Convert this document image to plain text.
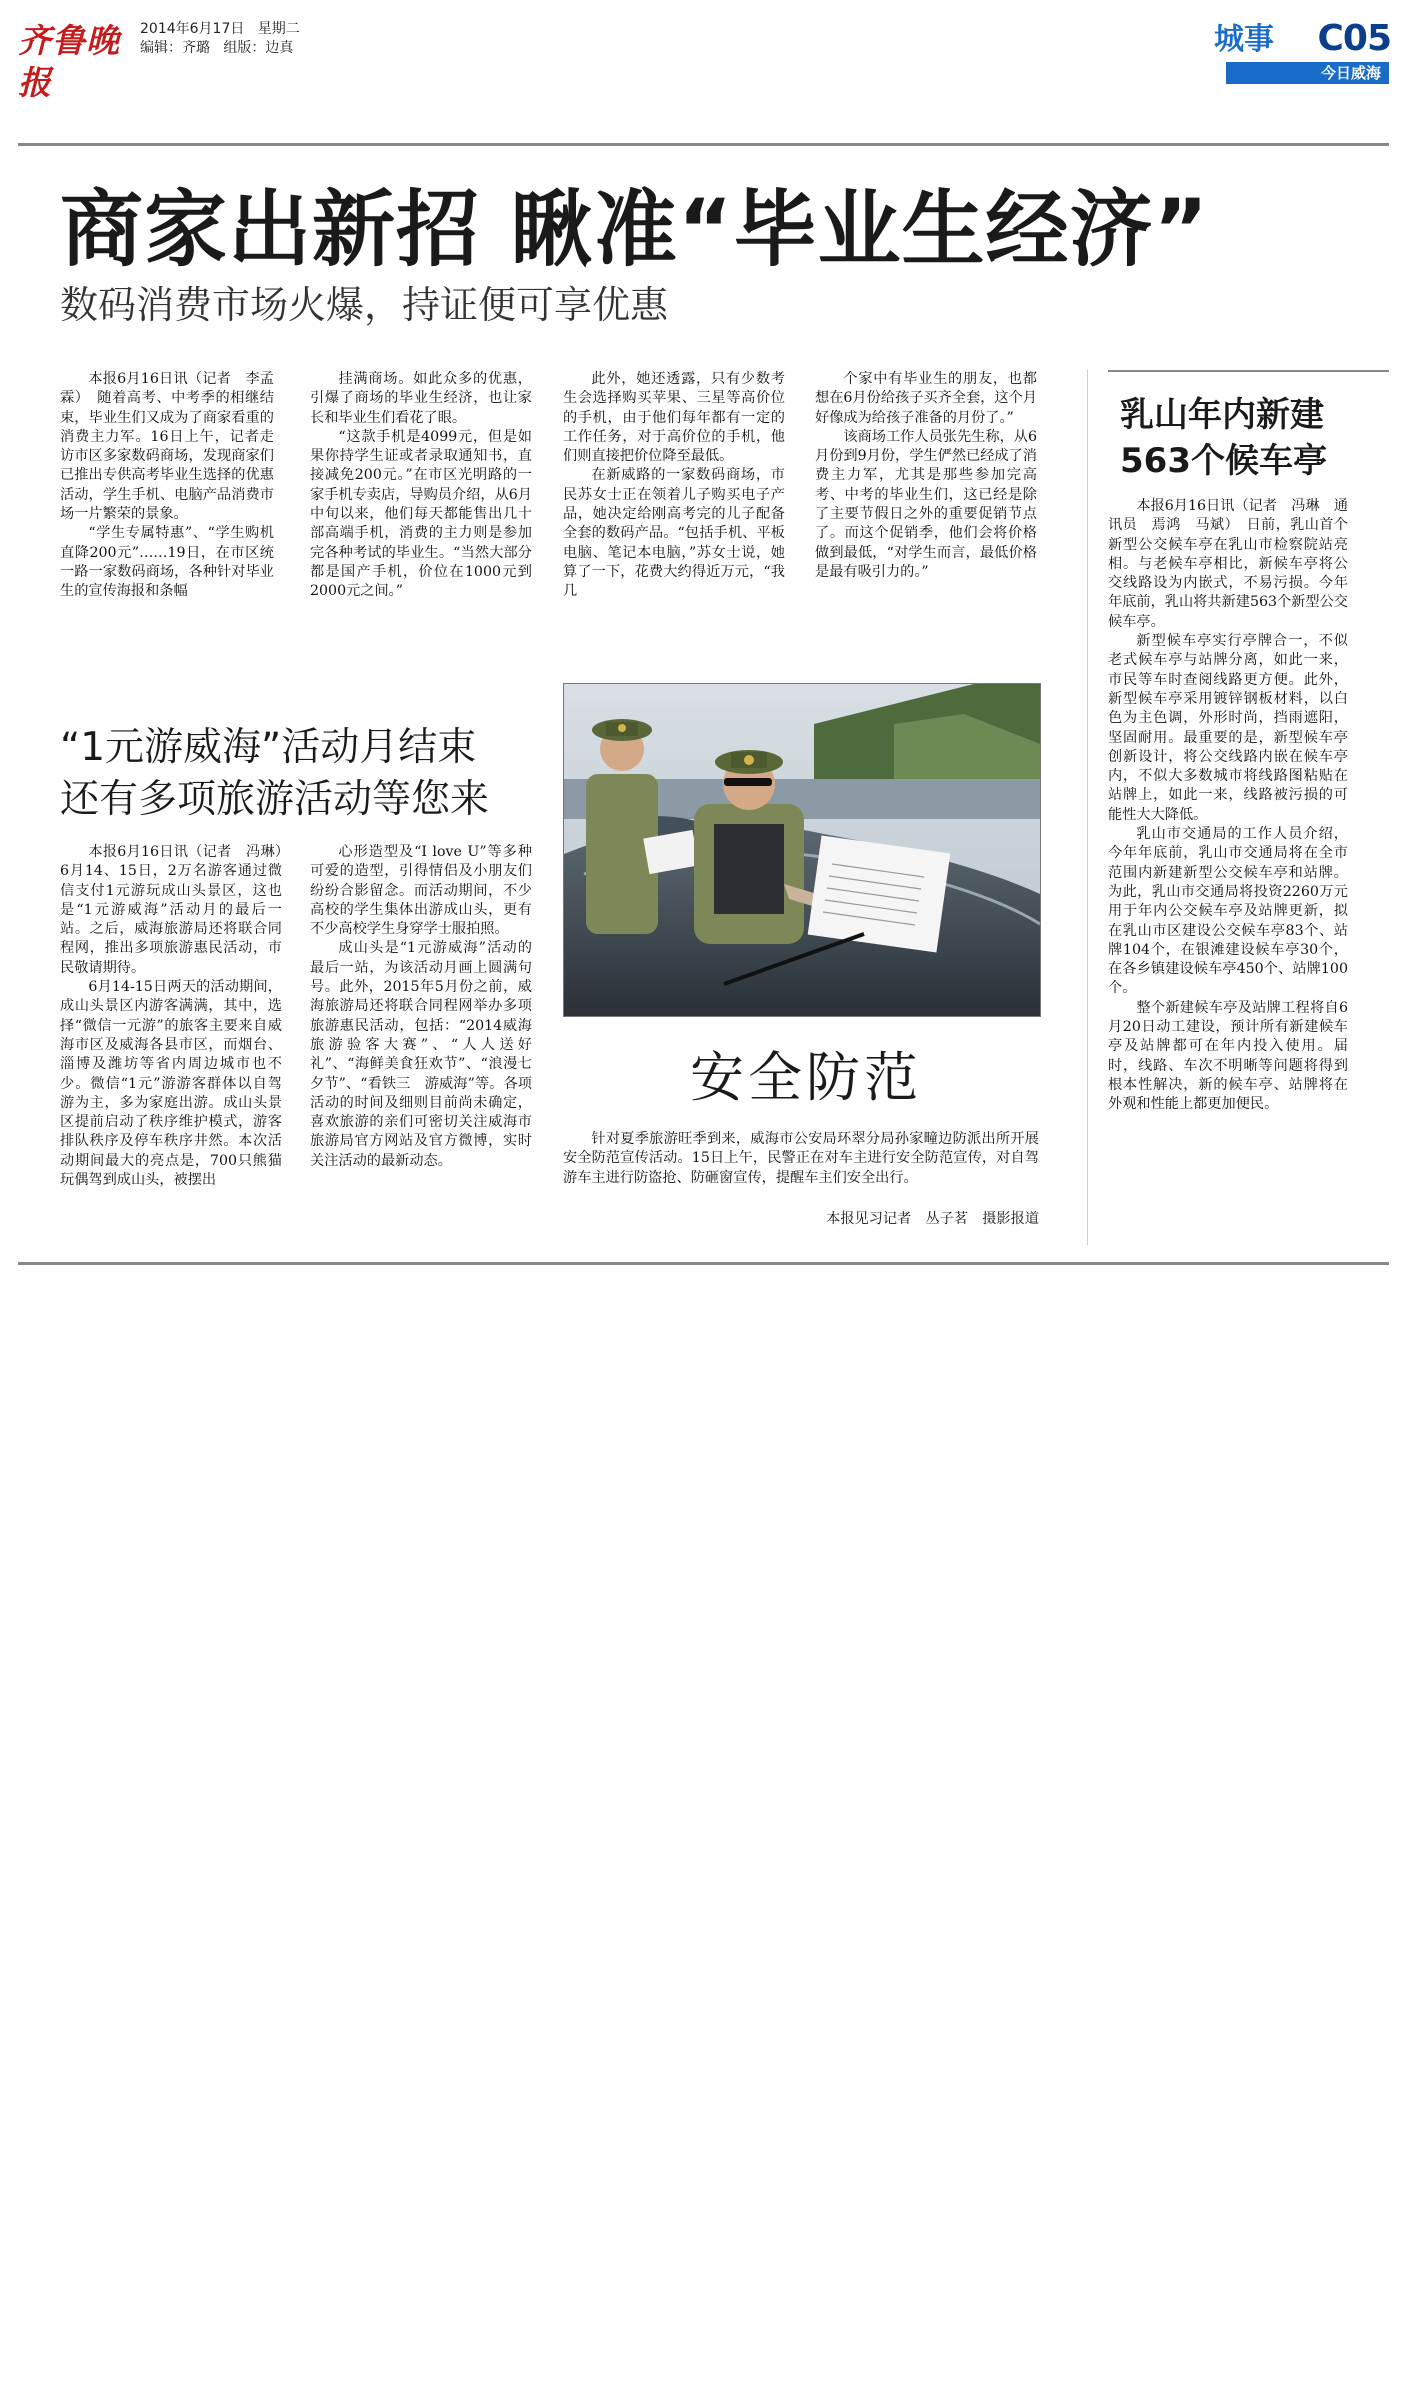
齐鲁晚报
2014年6月17日 星期二
编辑：齐璐 组版：边真	城事 C05
今日威海
商家出新招 瞅准“毕业生经济”
数码消费市场火爆，持证便可享优惠

本报6月16日讯（记者　李孟霖）　随着高考、中考季的相继结束，毕业生们又成为了商家看重的消费主力军。16日上午，记者走访市区多家数码商场，发现商家们已推出专供高考毕业生选择的优惠活动，学生手机、电脑产品消费市场一片繁荣的景象。

“学生专属特惠”、“学生购机直降200元”……19日，在市区统一路一家数码商场，各种针对毕业生的宣传海报和条幅

挂满商场。如此众多的优惠，引爆了商场的毕业生经济，也让家长和毕业生们看花了眼。

“这款手机是4099元，但是如果你持学生证或者录取通知书，直接减免200元。”在市区光明路的一家手机专卖店，导购员介绍，从6月中旬以来，他们每天都能售出几十部高端手机，消费的主力则是参加完各种考试的毕业生。“当然大部分都是国产手机，价位在1000元到2000元之间。”

此外，她还透露，只有少数考生会选择购买苹果、三星等高价位的手机，由于他们每年都有一定的工作任务，对于高价位的手机，他们则直接把价位降至最低。

在新威路的一家数码商场，市民苏女士正在领着儿子购买电子产品，她决定给刚高考完的儿子配备全套的数码产品。“包括手机、平板电脑、笔记本电脑，”苏女士说，她算了一下，花费大约得近万元，“我几

个家中有毕业生的朋友，也都想在6月份给孩子买齐全套，这个月好像成为给孩子准备的月份了。”

该商场工作人员张先生称，从6月份到9月份，学生俨然已经成了消费主力军，尤其是那些参加完高考、中考的毕业生们，这已经是除了主要节假日之外的重要促销节点了。而这个促销季，他们会将价格做到最低，“对学生而言，最低价格是最有吸引力的。”

“1元游威海”活动月结束
还有多项旅游活动等您来

本报6月16日讯（记者　冯琳）　6月14、15日，2万名游客通过微信支付1元游玩成山头景区，这也是“1元游威海”活动月的最后一站。之后，威海旅游局还将联合同程网，推出多项旅游惠民活动，市民敬请期待。

6月14-15日两天的活动期间，成山头景区内游客满满，其中，选择“微信一元游”的旅客主要来自威海市区及威海各县市区，而烟台、淄博及潍坊等省内周边城市也不少。微信“1元”游游客群体以自驾游为主，多为家庭出游。成山头景区提前启动了秩序维护模式，游客排队秩序及停车秩序井然。本次活动期间最大的亮点是，700只熊猫玩偶驾到成山头，被摆出

心形造型及“I love U”等多种可爱的造型，引得情侣及小朋友们纷纷合影留念。而活动期间，不少高校的学生集体出游成山头，更有不少高校学生身穿学士服拍照。

成山头是“1元游威海”活动的最后一站，为该活动月画上圆满句号。此外，2015年5月份之前，威海旅游局还将联合同程网举办多项旅游惠民活动，包括：“2014威海旅游验客大赛”、“人人送好礼”、“海鲜美食狂欢节”、“浪漫七夕节”、“看铁三　游威海”等。各项活动的时间及细则目前尚未确定，喜欢旅游的亲们可密切关注威海市旅游局官方网站及官方微博，实时关注活动的最新动态。

安全防范

针对夏季旅游旺季到来，威海市公安局环翠分局孙家疃边防派出所开展安全防范宣传活动。15日上午，民警正在对车主进行安全防范宣传，对自驾游车主进行防盗抢、防砸窗宣传，提醒车主们安全出行。

本报见习记者　丛子茗　摄影报道
乳山年内新建
563个候车亭

本报6月16日讯（记者　冯琳　通讯员　焉鸿　马斌）　日前，乳山首个新型公交候车亭在乳山市检察院站亮相。与老候车亭相比，新候车亭将公交线路设为内嵌式，不易污损。今年年底前，乳山将共新建563个新型公交候车亭。

新型候车亭实行亭牌合一，不似老式候车亭与站牌分离，如此一来，市民等车时查阅线路更方便。此外，新型候车亭采用镀锌钢板材料，以白色为主色调，外形时尚，挡雨遮阳，坚固耐用。最重要的是，新型候车亭创新设计，将公交线路内嵌在候车亭内，不似大多数城市将线路图粘贴在站牌上，如此一来，线路被污损的可能性大大降低。

乳山市交通局的工作人员介绍，今年年底前，乳山市交通局将在全市范围内新建新型公交候车亭和站牌。为此，乳山市交通局将投资2260万元用于年内公交候车亭及站牌更新，拟在乳山市区建设公交候车亭83个、站牌104个，在银滩建设候车亭30个，在各乡镇建设候车亭450个、站牌100个。

整个新建候车亭及站牌工程将自6月20日动工建设，预计所有新建候车亭及站牌都可在年内投入使用。届时，线路、车次不明晰等问题将得到根本性解决，新的候车亭、站牌将在外观和性能上都更加便民。
